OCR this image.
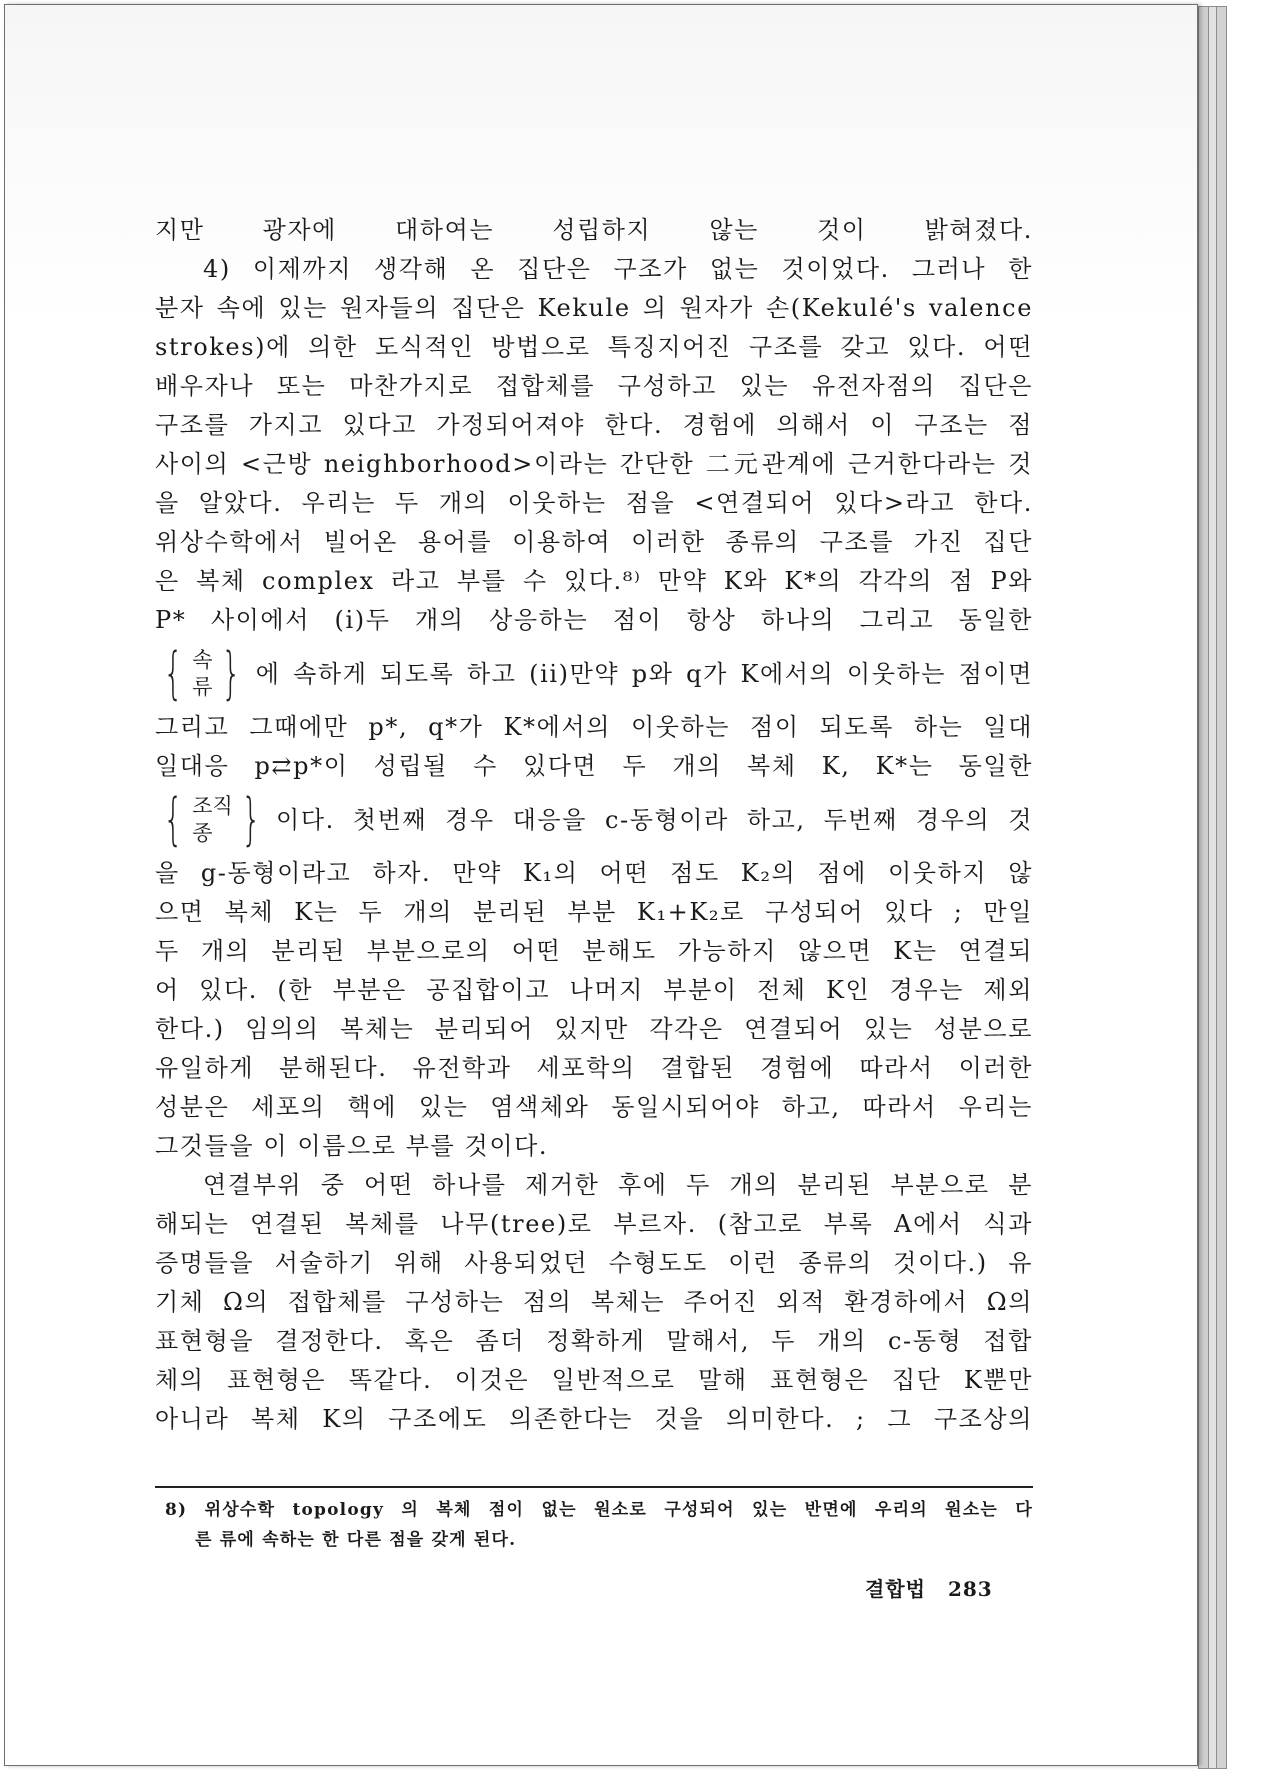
지만 광자에 대하여는 성립하지 않는 것이 밝혀졌다.
4) 이제까지 생각해 온 집단은 구조가 없는 것이었다. 그러나 한
분자 속에 있는 원자들의 집단은 Kekule 의 원자가 손(Kekulé's valence
strokes)에 의한 도식적인 방법으로 특징지어진 구조를 갖고 있다. 어떤
배우자나 또는 마찬가지로 접합체를 구성하고 있는 유전자점의 집단은
구조를 가지고 있다고 가정되어져야 한다. 경험에 의해서 이 구조는 점
사이의 <근방 neighborhood>이라는 간단한 二元관계에 근거한다라는 것
을 알았다. 우리는 두 개의 이웃하는 점을 <연결되어 있다>라고 한다.
위상수학에서 빌어온 용어를 이용하여 이러한 종류의 구조를 가진 집단
은 복체 complex 라고 부를 수 있다.⁸⁾ 만약 K와 K*의 각각의 점 P와
P* 사이에서 (i)두 개의 상응하는 점이 항상 하나의 그리고 동일한
{ 속
류 } 에 속하게 되도록 하고 (ii)만약 p와 q가 K에서의 이웃하는 점이면
그리고 그때에만 p*, q*가 K*에서의 이웃하는 점이 되도록 하는 일대
일대응 p⇄p*이 성립될 수 있다면 두 개의 복체 K, K*는 동일한
{ 조직
종 } 이다. 첫번째 경우 대응을 c-동형이라 하고, 두번째 경우의 것
을 g-동형이라고 하자. 만약 K₁의 어떤 점도 K₂의 점에 이웃하지 않
으면 복체 K는 두 개의 분리된 부분 K₁+K₂로 구성되어 있다 ; 만일
두 개의 분리된 부분으로의 어떤 분해도 가능하지 않으면 K는 연결되
어 있다. (한 부분은 공집합이고 나머지 부분이 전체 K인 경우는 제외
한다.) 임의의 복체는 분리되어 있지만 각각은 연결되어 있는 성분으로
유일하게 분해된다. 유전학과 세포학의 결합된 경험에 따라서 이러한
성분은 세포의 핵에 있는 염색체와 동일시되어야 하고, 따라서 우리는
그것들을 이 이름으로 부를 것이다.
연결부위 중 어떤 하나를 제거한 후에 두 개의 분리된 부분으로 분
해되는 연결된 복체를 나무(tree)로 부르자. (참고로 부록 A에서 식과
증명들을 서술하기 위해 사용되었던 수형도도 이런 종류의 것이다.) 유
기체 Ω의 접합체를 구성하는 점의 복체는 주어진 외적 환경하에서 Ω의
표현형을 결정한다. 혹은 좀더 정확하게 말해서, 두 개의 c-동형 접합
체의 표현형은 똑같다. 이것은 일반적으로 말해 표현형은 집단 K뿐만
아니라 복체 K의 구조에도 의존한다는 것을 의미한다. ; 그 구조상의
8) 위상수학 topology 의 복체 점이 없는 원소로 구성되어 있는 반면에 우리의 원소는 다
른 류에 속하는 한 다른 점을 갖게 된다.
결합법 283
